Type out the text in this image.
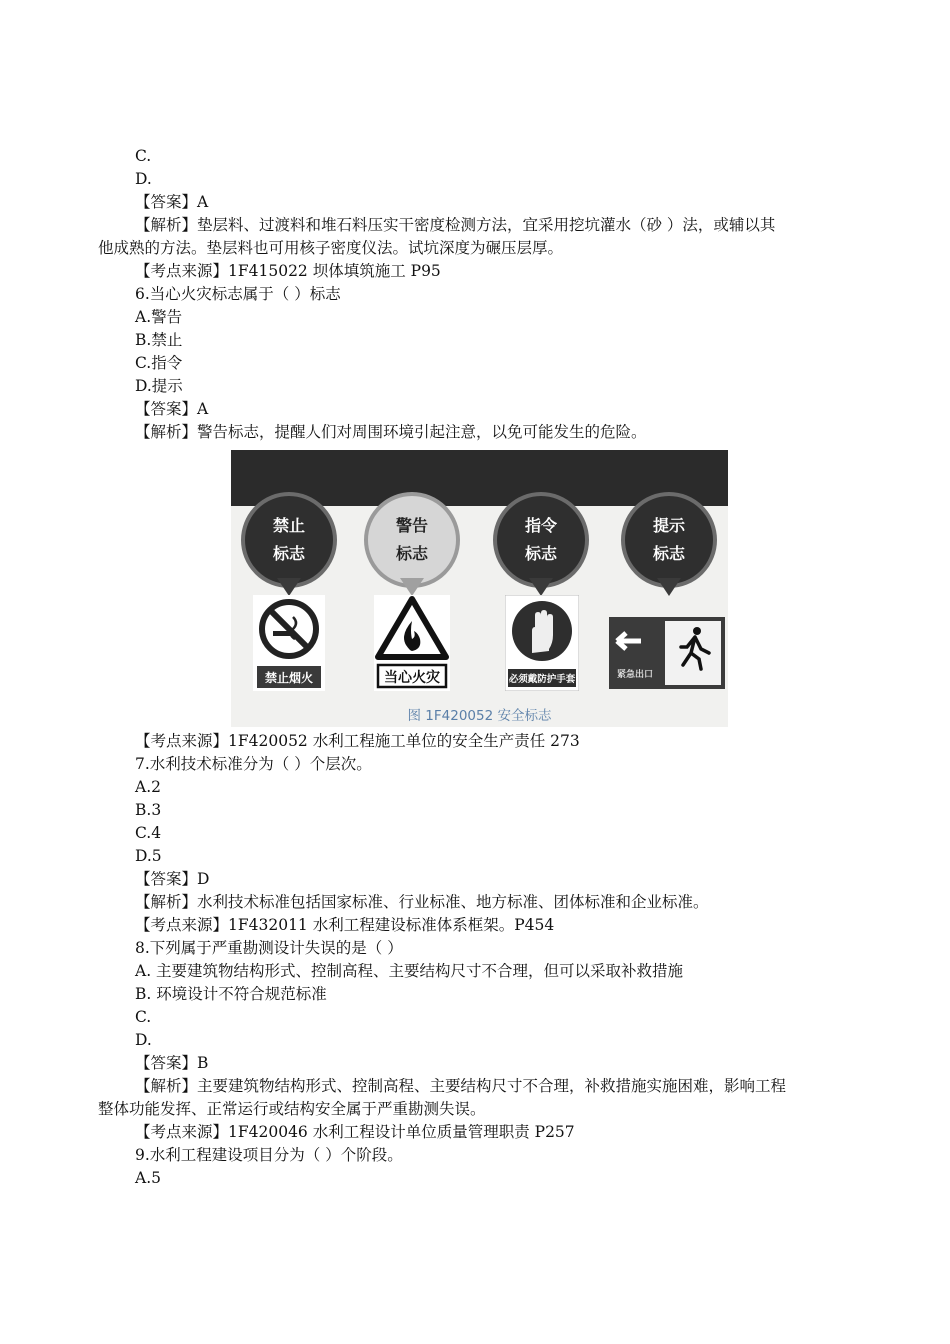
C.
D.
【答案】A
【解析】垫层料、过渡料和堆石料压实干密度检测方法，宜采用挖坑灌水（砂 ）法，或辅以其
他成熟的方法。垫层料也可用核子密度仪法。试坑深度为碾压层厚。
【考点来源】1F415022 坝体填筑施工 P95
6.当心火灾标志属于（ ）标志
A.警告
B.禁止
C.指令
D.提示
【答案】A
【解析】警告标志，提醒人们对周围环境引起注意，以免可能发生的危险。
禁止
标志
警告
标志
指令
标志
提示
标志
禁止烟火	当心火灾	必须戴防护手套	紧急出口
图 1F420052 安全标志
【考点来源】1F420052 水利工程施工单位的安全生产责任 273
7.水利技术标准分为（ ）个层次。
A.2
B.3
C.4
D.5
【答案】D
【解析】水利技术标准包括国家标准、行业标准、地方标准、团体标准和企业标准。
【考点来源】1F432011 水利工程建设标准体系框架。P454
8.下列属于严重勘测设计失误的是（ ）
A. 主要建筑物结构形式、控制高程、主要结构尺寸不合理，但可以采取补救措施
B. 环境设计不符合规范标准
C.
D.
【答案】B
【解析】主要建筑物结构形式、控制高程、主要结构尺寸不合理，补救措施实施困难，影响工程
整体功能发挥、正常运行或结构安全属于严重勘测失误。
【考点来源】1F420046 水利工程设计单位质量管理职责 P257
9.水利工程建设项目分为（ ）个阶段。
A.5
